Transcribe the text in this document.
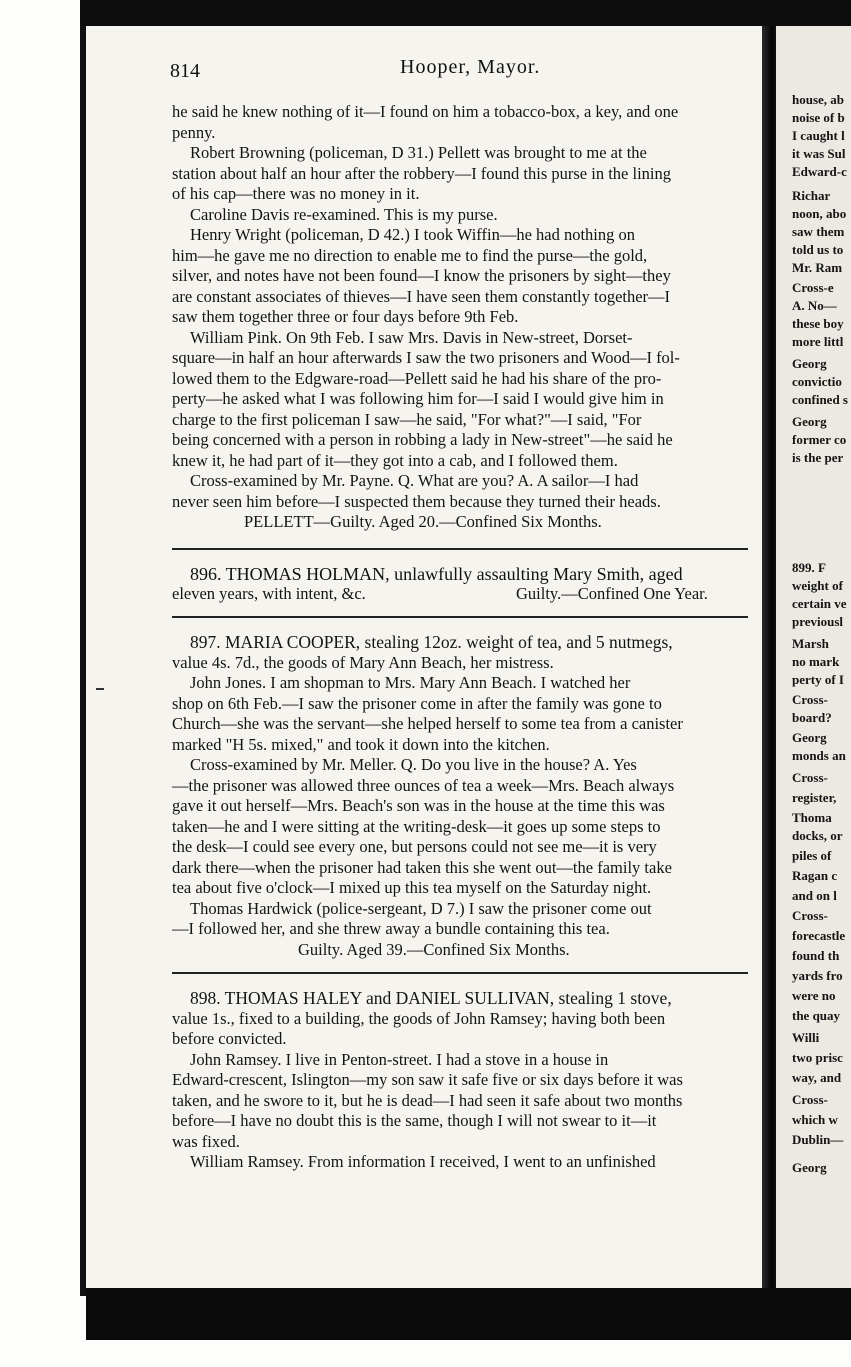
house, ab
noise of b
I caught l
it was Sul
Edward-c
Richar
noon, abo
saw them
told us to
Mr. Ram
Cross-e
A. No—
these boy
more littl
Georg
convictio
confined s
Georg
former co
is the per
899. F
weight of
certain ve
previousl
Marsh
no mark
perty of I
Cross-
board?
Georg
monds an
Cross-
register,
Thoma
docks, or
piles of
Ragan c
and on l
Cross-
forecastle
found th
yards fro
were no
the quay
Willi
two prisc
way, and
Cross-
which w
Dublin—
Georg
814	Hooper, Mayor.
he said he knew nothing of it—I found on him a tobacco-box, a key, and one
penny.
Robert Browning (policeman, D 31.) Pellett was brought to me at the
station about half an hour after the robbery—I found this purse in the lining
of his cap—there was no money in it.
Caroline Davis re-examined. This is my purse.
Henry Wright (policeman, D 42.) I took Wiffin—he had nothing on
him—he gave me no direction to enable me to find the purse—the gold,
silver, and notes have not been found—I know the prisoners by sight—they
are constant associates of thieves—I have seen them constantly together—I
saw them together three or four days before 9th Feb.
William Pink. On 9th Feb. I saw Mrs. Davis in New-street, Dorset-
square—in half an hour afterwards I saw the two prisoners and Wood—I fol-
lowed them to the Edgware-road—Pellett said he had his share of the pro-
perty—he asked what I was following him for—I said I would give him in
charge to the first policeman I saw—he said, "For what?"—I said, "For
being concerned with a person in robbing a lady in New-street"—he said he
knew it, he had part of it—they got into a cab, and I followed them.
Cross-examined by Mr. Payne. Q. What are you? A. A sailor—I had
never seen him before—I suspected them because they turned their heads.
PELLETT—Guilty. Aged 20.—Confined Six Months.
896. THOMAS HOLMAN, unlawfully assaulting Mary Smith, aged
eleven years, with intent, &c.	Guilty.—Confined One Year.
897. MARIA COOPER, stealing 12oz. weight of tea, and 5 nutmegs,
value 4s. 7d., the goods of Mary Ann Beach, her mistress.
John Jones. I am shopman to Mrs. Mary Ann Beach. I watched her
shop on 6th Feb.—I saw the prisoner come in after the family was gone to
Church—she was the servant—she helped herself to some tea from a canister
marked "H 5s. mixed," and took it down into the kitchen.
Cross-examined by Mr. Meller. Q. Do you live in the house? A. Yes
—the prisoner was allowed three ounces of tea a week—Mrs. Beach always
gave it out herself—Mrs. Beach's son was in the house at the time this was
taken—he and I were sitting at the writing-desk—it goes up some steps to
the desk—I could see every one, but persons could not see me—it is very
dark there—when the prisoner had taken this she went out—the family take
tea about five o'clock—I mixed up this tea myself on the Saturday night.
Thomas Hardwick (police-sergeant, D 7.) I saw the prisoner come out
—I followed her, and she threw away a bundle containing this tea.
Guilty. Aged 39.—Confined Six Months.
898. THOMAS HALEY and DANIEL SULLIVAN, stealing 1 stove,
value 1s., fixed to a building, the goods of John Ramsey; having both been
before convicted.
John Ramsey. I live in Penton-street. I had a stove in a house in
Edward-crescent, Islington—my son saw it safe five or six days before it was
taken, and he swore to it, but he is dead—I had seen it safe about two months
before—I have no doubt this is the same, though I will not swear to it—it
was fixed.
William Ramsey. From information I received, I went to an unfinished
